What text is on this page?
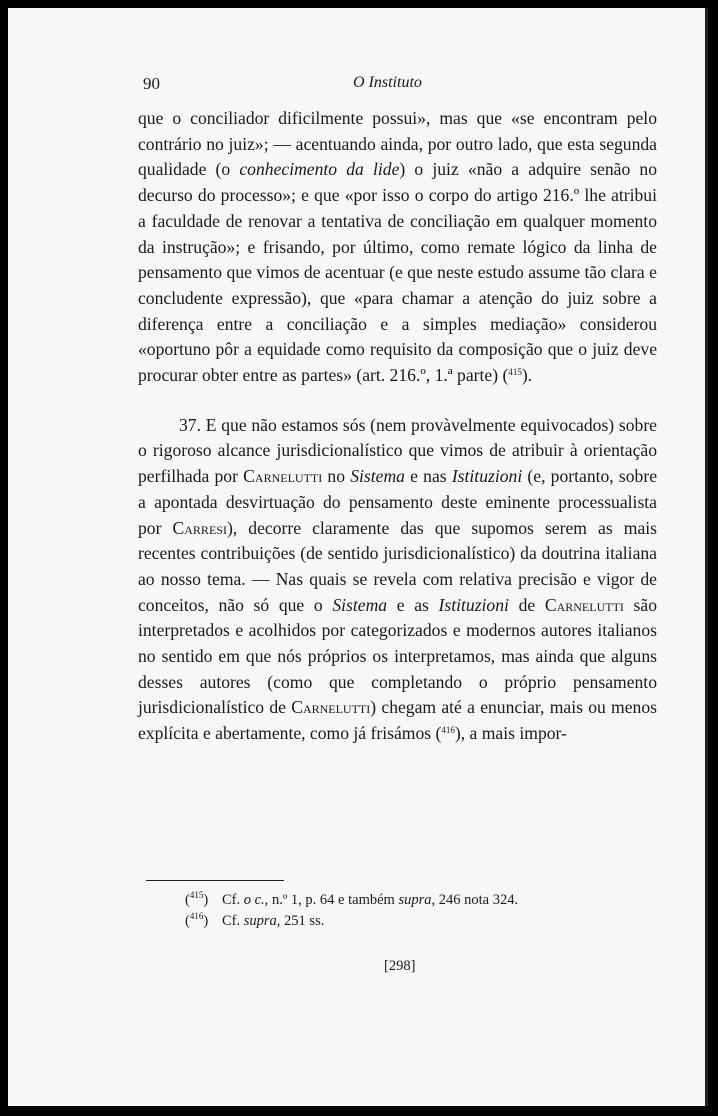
90	O Instituto

que o conciliador dificilmente possui», mas que «se encontram pelo contrário no juiz»; — acentuando ainda, por outro lado, que esta segunda qualidade (o conhecimento da lide) o juiz «não a adquire senão no decurso do processo»; e que «por isso o corpo do artigo 216.º lhe atribui a faculdade de renovar a tentativa de conciliação em qualquer momento da instrução»; e frisando, por último, como remate lógico da linha de pensamento que vimos de acentuar (e que neste estudo assume tão clara e concludente expressão), que «para chamar a atenção do juiz sobre a diferença entre a conciliação e a simples mediação» considerou «oportuno pôr a equidade como requisito da composição que o juiz deve procurar obter entre as partes» (art. 216.º, 1.ª parte) ($^{415}$).

37. E que não estamos sós (nem provàvelmente equivocados) sobre o rigoroso alcance jurisdicionalístico que vimos de atribuir à orientação perfilhada por Carnelutti no Sistema e nas Istituzioni (e, portanto, sobre a apontada desvirtuação do pensamento deste eminente processualista por Carresi), decorre claramente das que supomos serem as mais recentes contribuições (de sentido jurisdicionalístico) da doutrina italiana ao nosso tema. — Nas quais se revela com relativa precisão e vigor de conceitos, não só que o Sistema e as Istituzioni de Carnelutti são interpretados e acolhidos por categorizados e modernos autores italianos no sentido em que nós próprios os interpretamos, mas ainda que alguns desses autores (como que completando o próprio pensamento jurisdicionalístico de Carnelutti) chegam até a enunciar, mais ou menos explícita e abertamente, como já frisámos ($^{416}$), a mais impor-

($^{415}$) Cf. o c., n.º 1, p. 64 e também supra, 246 nota 324.
($^{416}$) Cf. supra, 251 ss.
[298]
